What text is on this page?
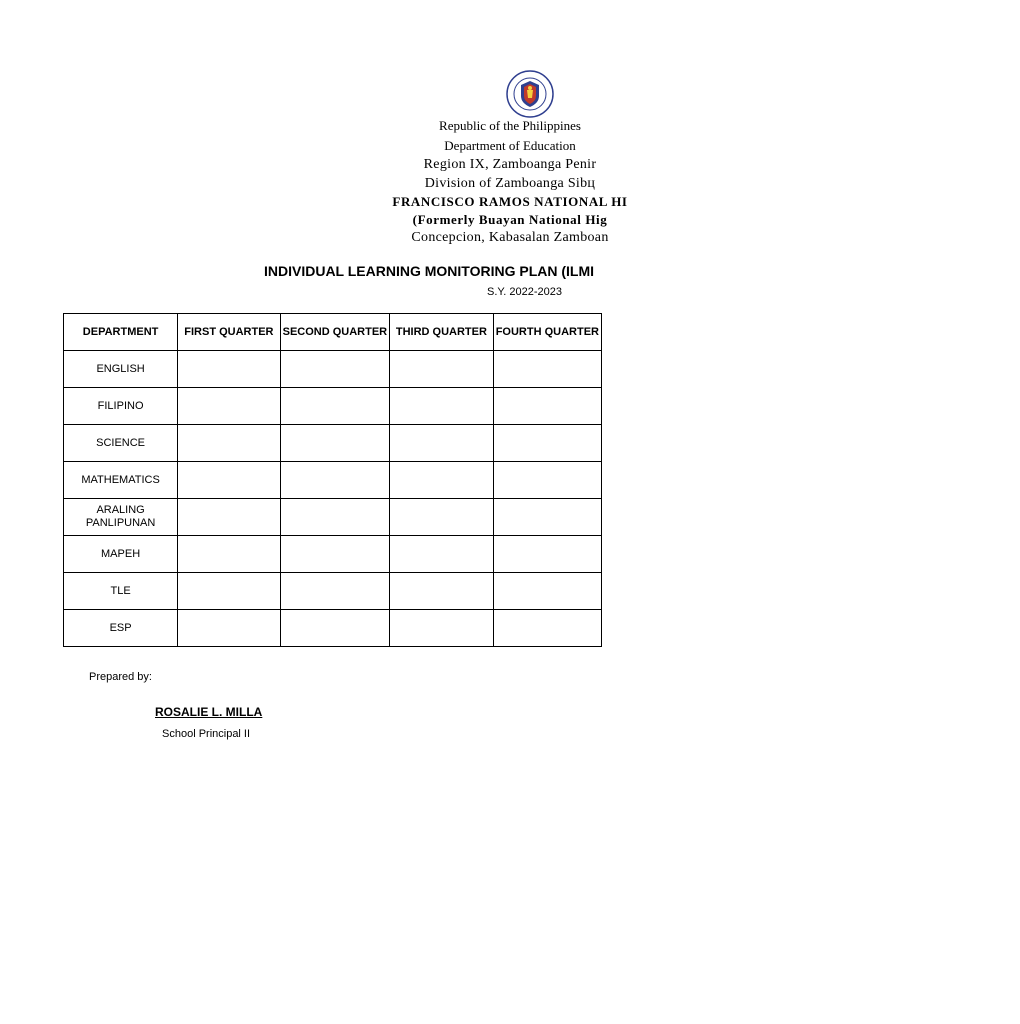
Republic of the Philippines
Department of Education
Region IX, Zamboanga Penir
Division of Zamboanga Sibц
FRANCISCO RAMOS NATIONAL HI
(Formerly Buayan National Hig
Concepcion, Kabasalan Zamboan
INDIVIDUAL LEARNING MONITORING PLAN (ILMI
S.Y. 2022-2023
DEPARTMENT	FIRST QUARTER	SECOND QUARTER	THIRD QUARTER	FOURTH QUARTER
ENGLISH				
FILIPINO				
SCIENCE				
MATHEMATICS				
ARALING PANLIPUNAN				
MAPEH				
TLE				
ESP				
Prepared by:
ROSALIE L. MILLA
School Principal II
